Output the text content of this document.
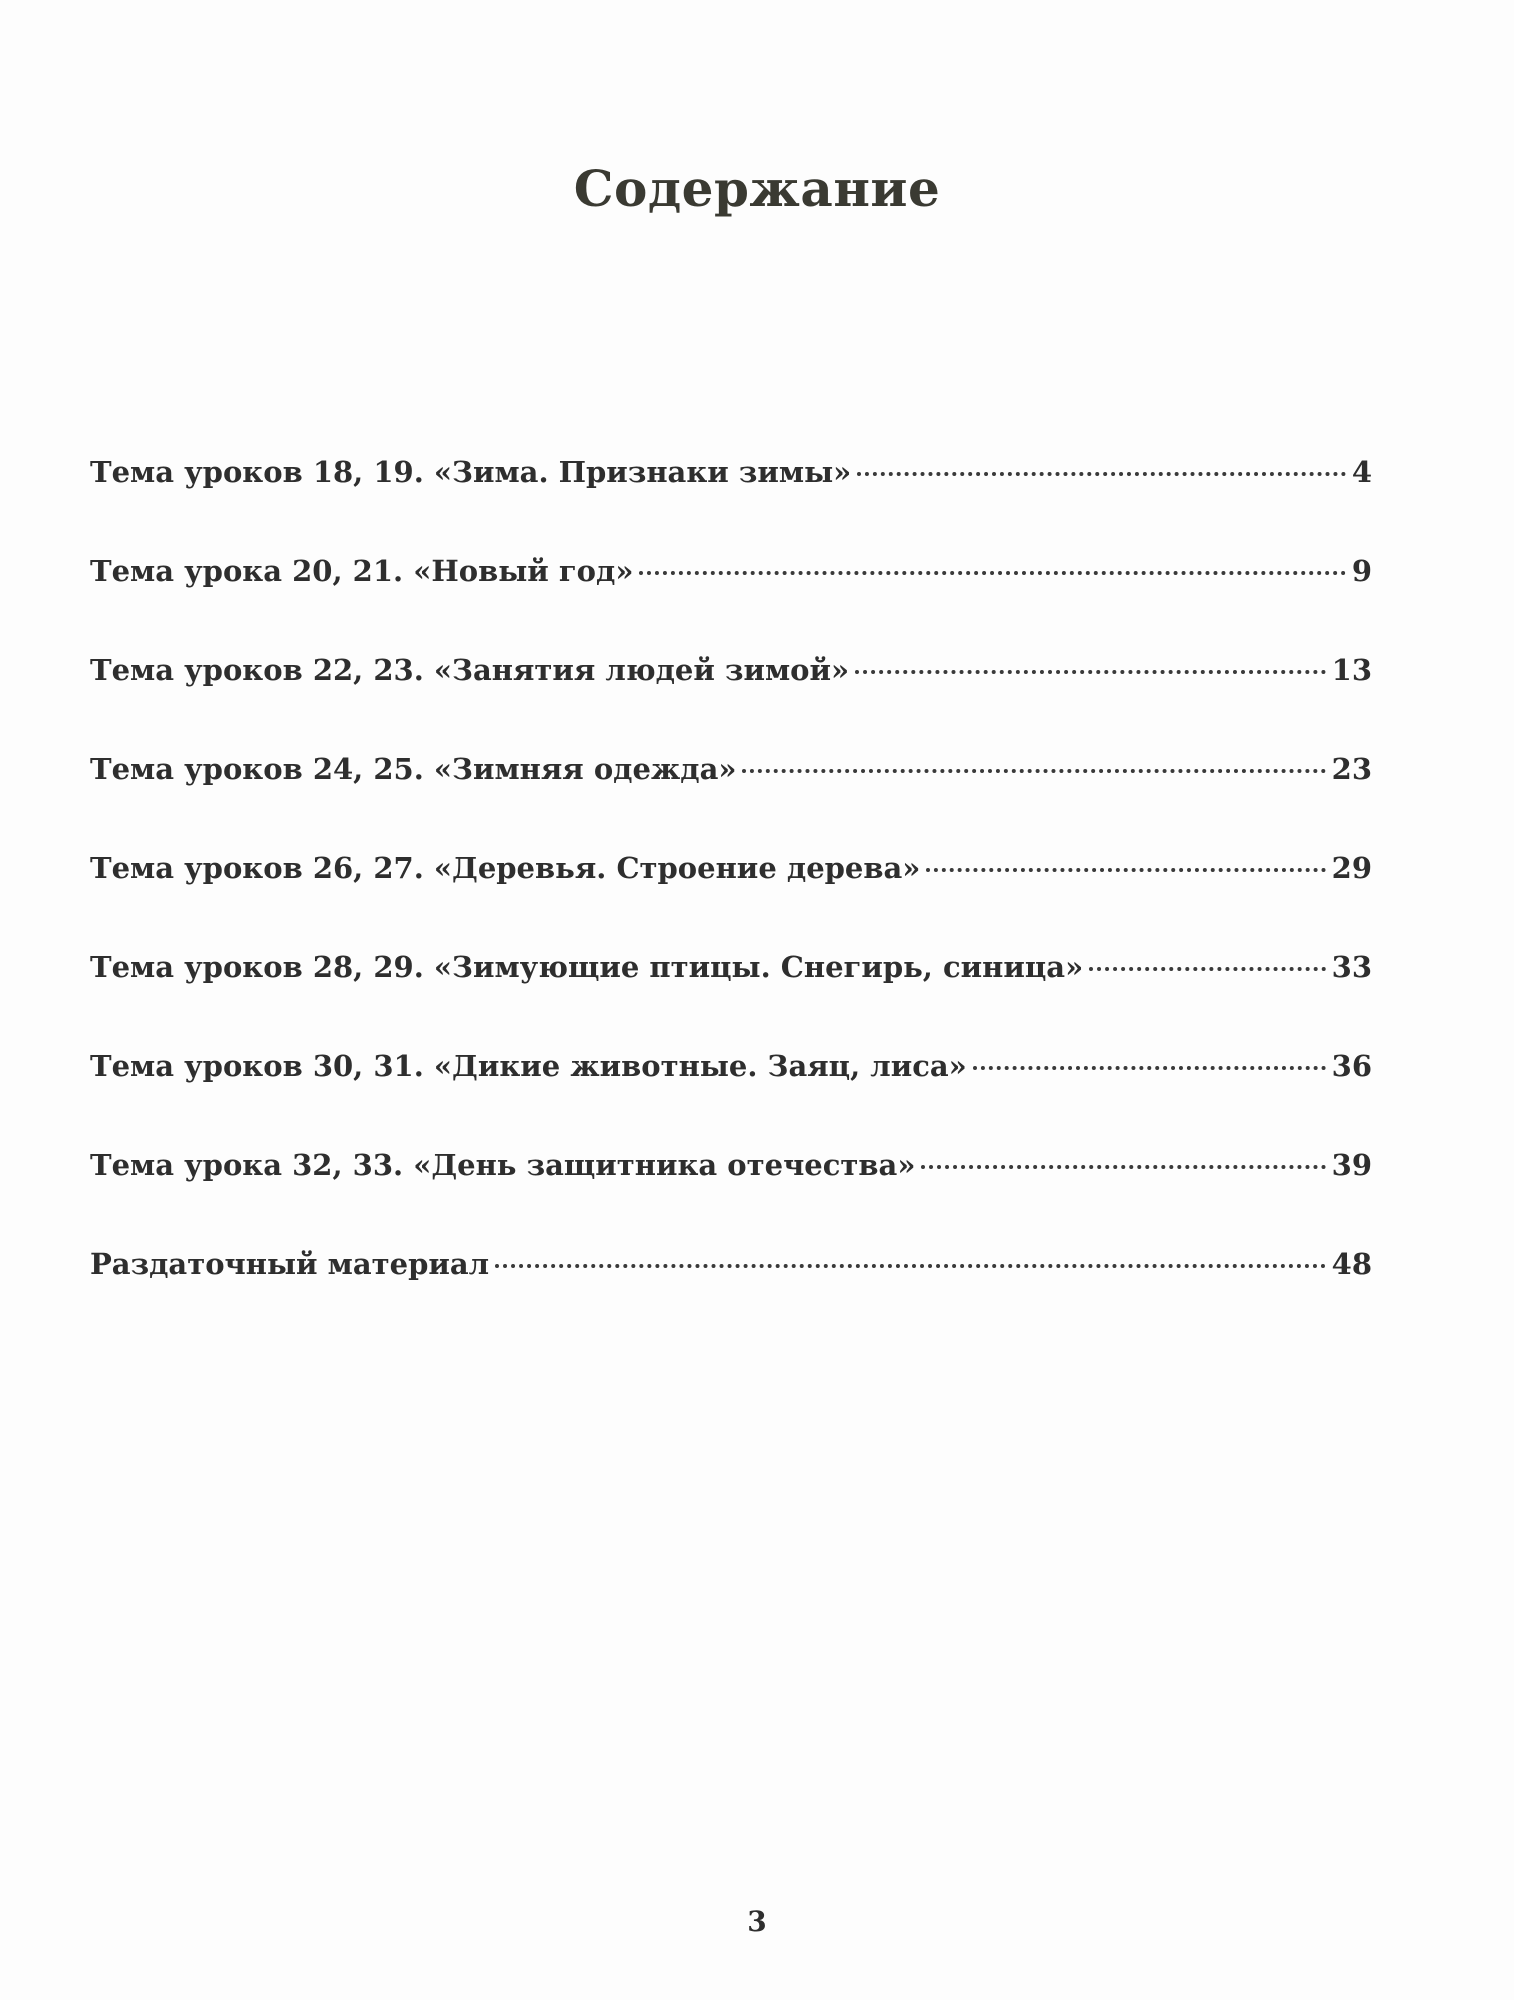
Содержание
Тема уроков 18, 19. «Зима. Признаки зимы»	4
Тема урока 20, 21. «Новый год»	9
Тема уроков 22, 23. «Занятия людей зимой»	13
Тема уроков 24, 25. «Зимняя одежда»	23
Тема уроков 26, 27. «Деревья. Строение дерева»	29
Тема уроков 28, 29. «Зимующие птицы. Снегирь, синица»	33
Тема уроков 30, 31. «Дикие животные. Заяц, лиса»	36
Тема урока 32, 33. «День защитника отечества»	39
Раздаточный материал	48
3
